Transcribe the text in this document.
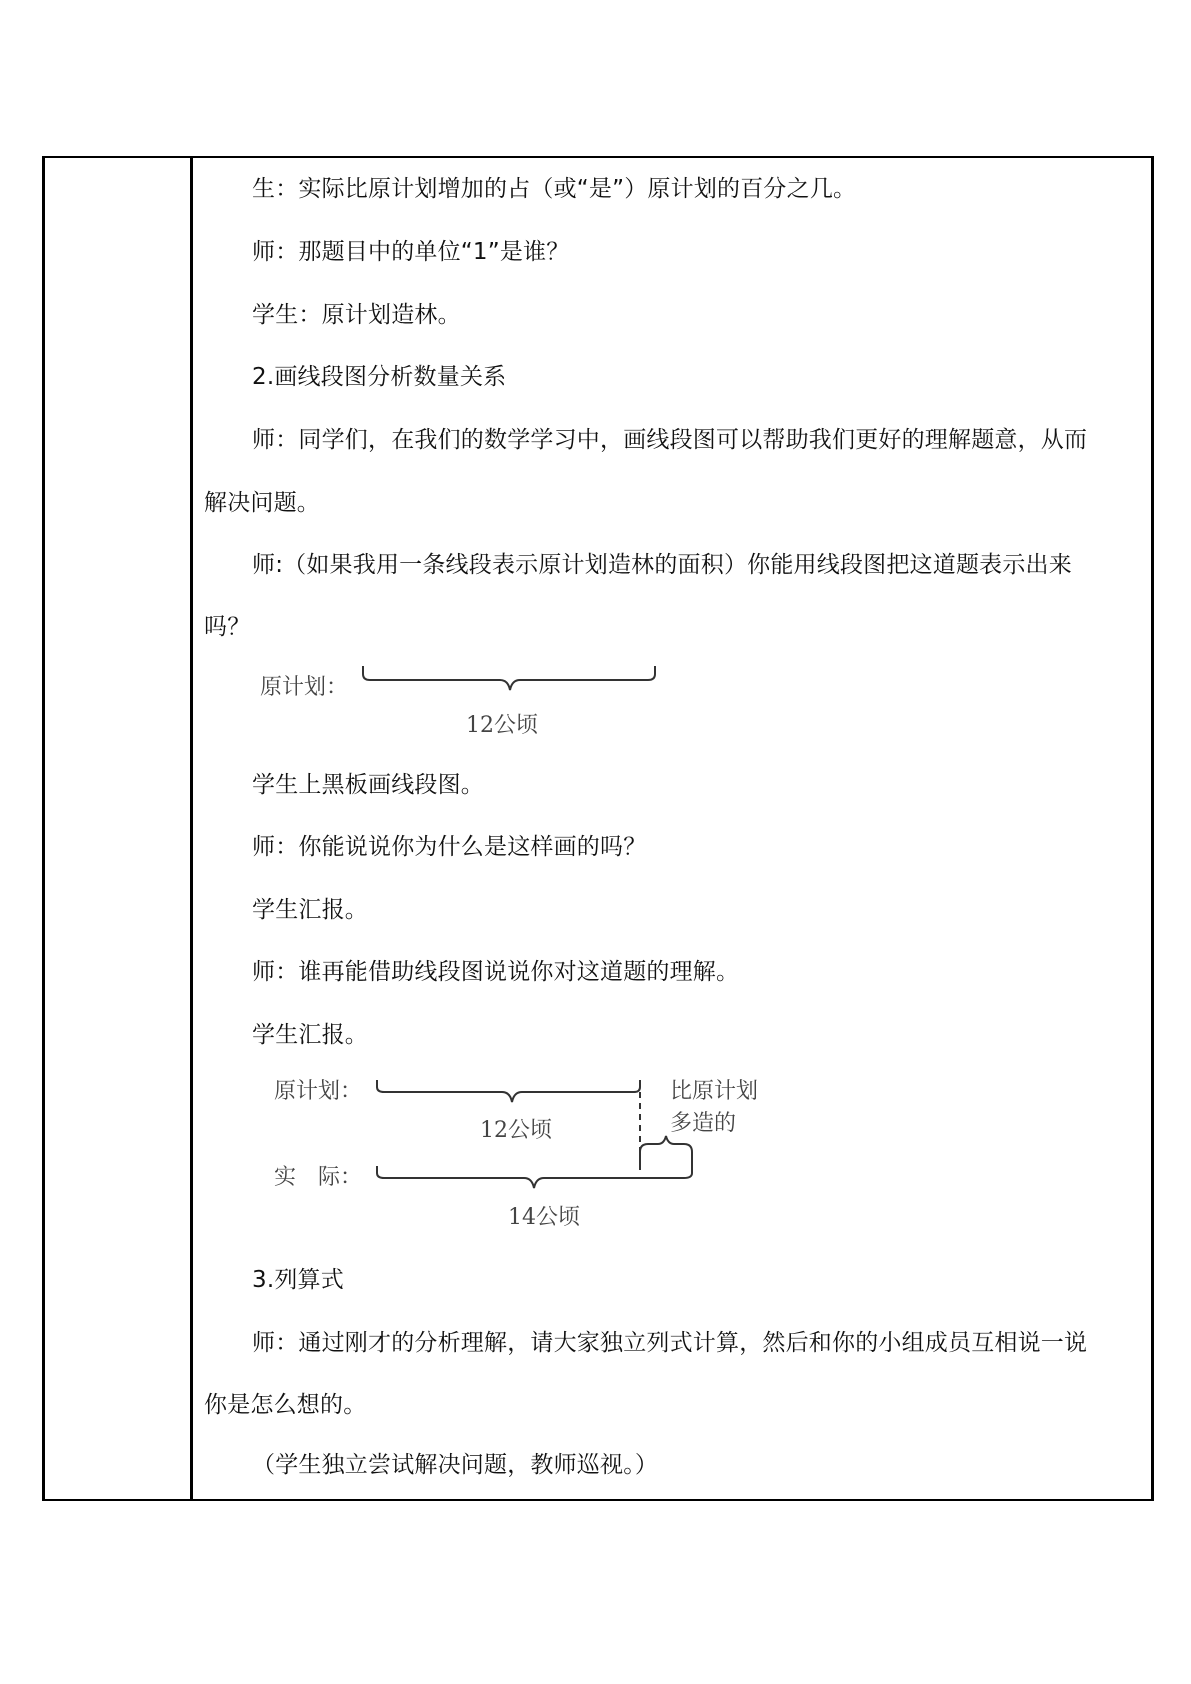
生：实际比原计划增加的占（或“是”）原计划的百分之几。
师：那题目中的单位“1”是谁？
学生：原计划造林。
2.画线段图分析数量关系
师：同学们，在我们的数学学习中，画线段图可以帮助我们更好的理解题意，从而
解决问题。
师:（如果我用一条线段表示原计划造林的面积）你能用线段图把这道题表示出来
吗？
原计划：
12公顷
学生上黑板画线段图。
师：你能说说你为什么是这样画的吗？
学生汇报。
师：谁再能借助线段图说说你对这道题的理解。
学生汇报。
原计划：	比原计划
多造的
12公顷
实　际：
14公顷
3.列算式
师：通过刚才的分析理解，请大家独立列式计算，然后和你的小组成员互相说一说
你是怎么想的。
（学生独立尝试解决问题，教师巡视。）
